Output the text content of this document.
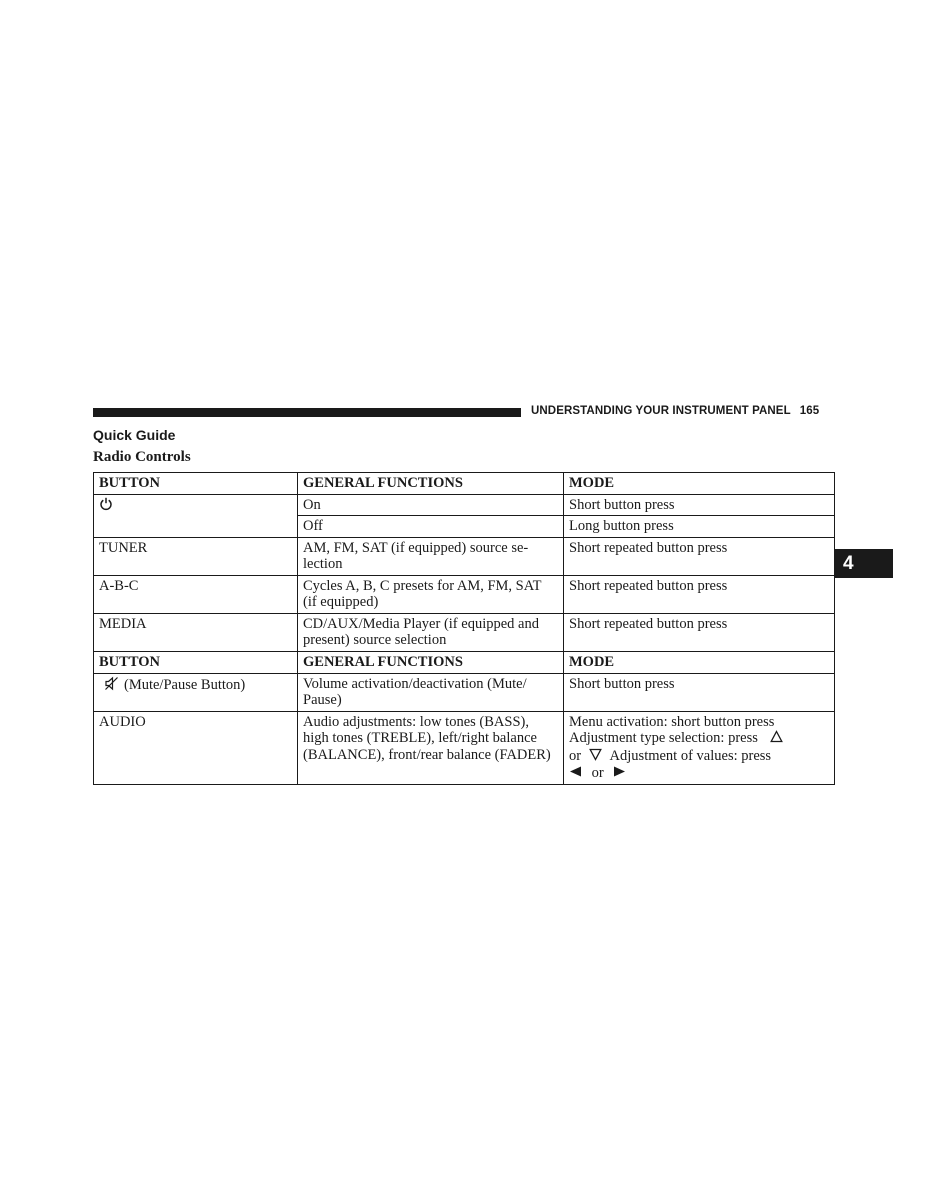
UNDERSTANDING YOUR INSTRUMENT PANEL 165
4
Quick Guide
Radio Controls
BUTTON	GENERAL FUNCTIONS	MODE
	On	Short button press
	Off	Long button press
TUNER	AM, FM, SAT (if equipped) source se- lection	Short repeated button press
A-B-C	Cycles A, B, C presets for AM, FM, SAT (if equipped)	Short repeated button press
MEDIA	CD/AUX/Media Player (if equipped and present) source selection	Short repeated button press
BUTTON	GENERAL FUNCTIONS	MODE
(Mute/Pause Button)	Volume activation/deactivation (Mute/ Pause)	Short button press
AUDIO	Audio adjustments: low tones (BASS), high tones (TREBLE), left/right balance (BALANCE), front/rear balance (FADER)	Menu activation: short button press
Adjustment type selection: press
or Adjustment of values: press
or
